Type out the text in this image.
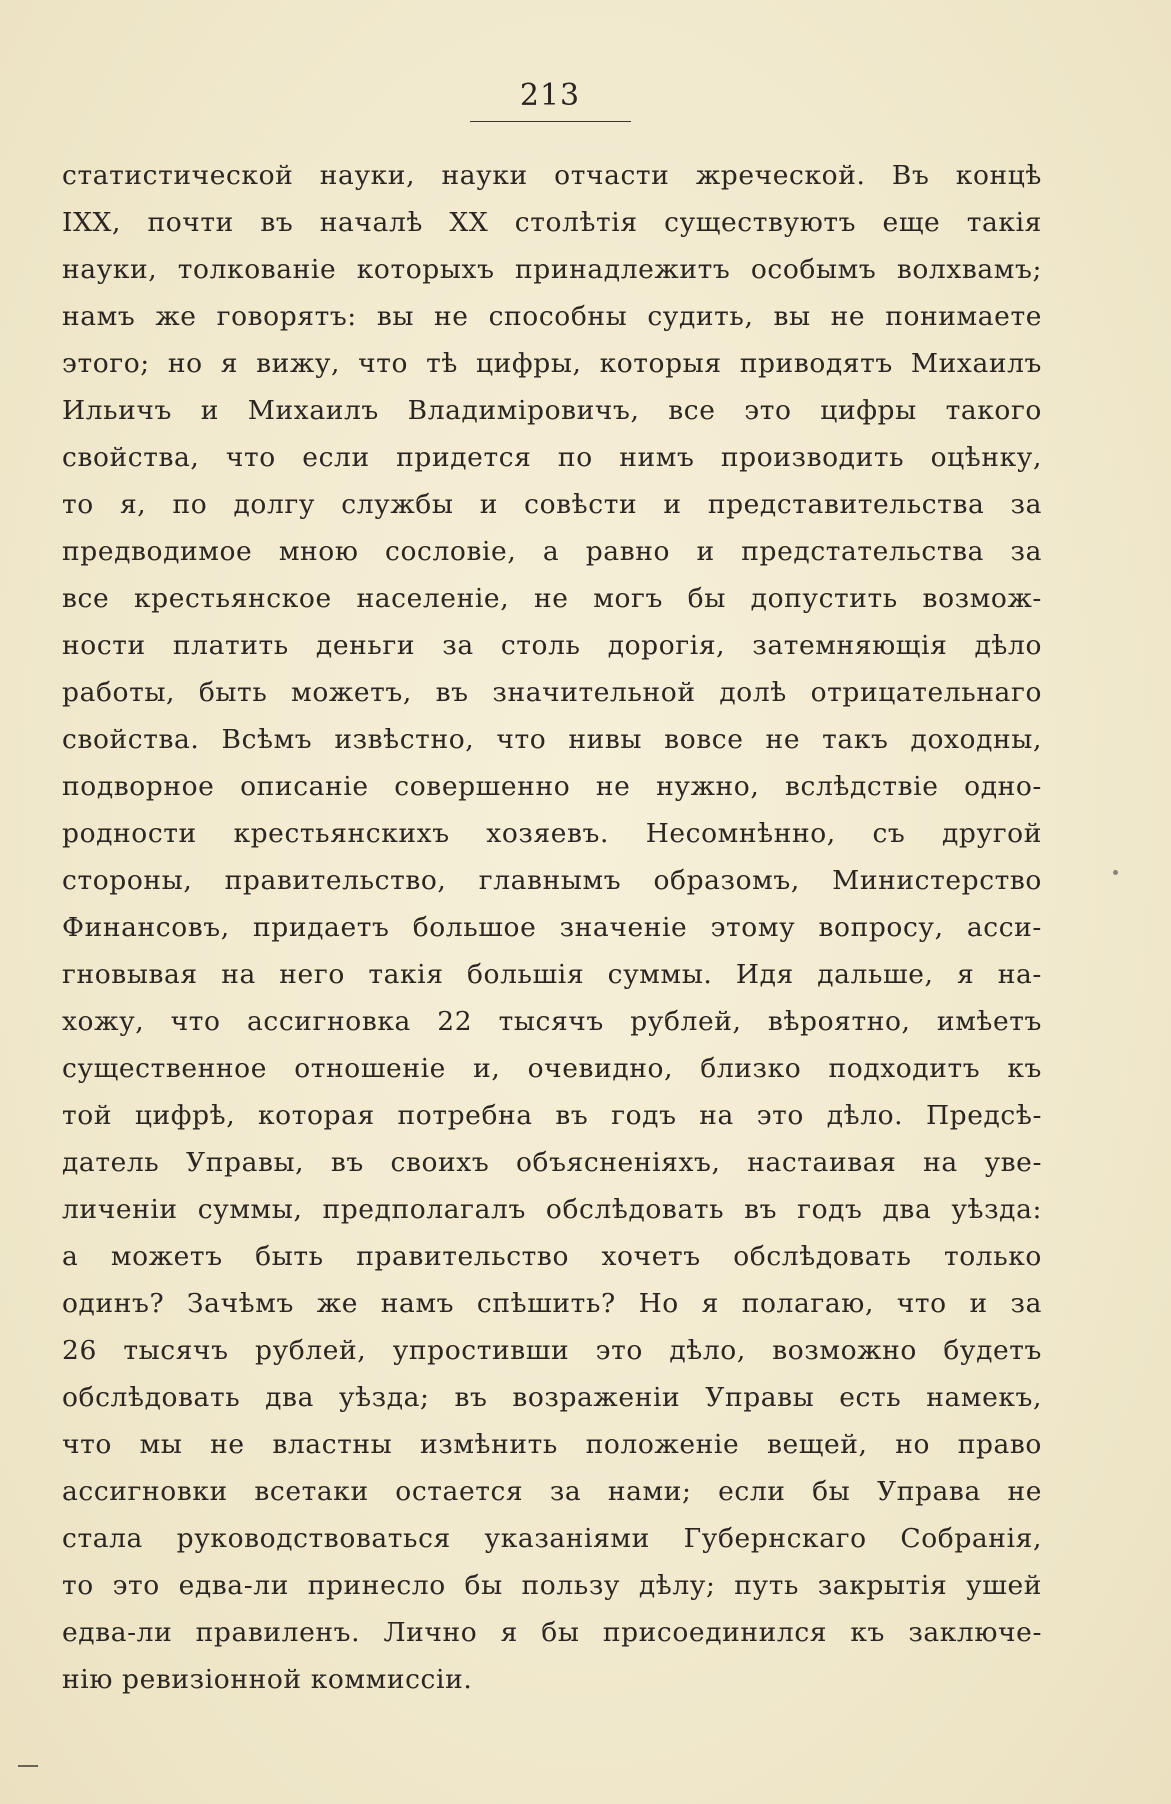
213
статистической науки, науки отчасти жреческой. Въ концѣ
IXX, почти въ началѣ XX столѣтія существуютъ еще такія
науки, толкованіе которыхъ принадлежитъ особымъ волхвамъ;
намъ же говорятъ: вы не способны судить, вы не понимаете
этого; но я вижу, что тѣ цифры, которыя приводятъ Михаилъ
Ильичъ и Михаилъ Владиміровичъ, все это цифры такого
свойства, что если придется по нимъ производить оцѣнку,
то я, по долгу службы и совѣсти и представительства за
предводимое мною сословіе, а равно и предстательства за
все крестьянское населеніе, не могъ бы допустить возмож-
ности платить деньги за столь дорогія, затемняющія дѣло
работы, быть можетъ, въ значительной долѣ отрицательнаго
свойства. Всѣмъ извѣстно, что нивы вовсе не такъ доходны,
подворное описаніе совершенно не нужно, вслѣдствіе одно-
родности крестьянскихъ хозяевъ. Несомнѣнно, съ другой
стороны, правительство, главнымъ образомъ, Министерство
Финансовъ, придаетъ большое значеніе этому вопросу, асси-
гновывая на него такія большія суммы. Идя дальше, я на-
хожу, что ассигновка 22 тысячъ рублей, вѣроятно, имѣетъ
существенное отношеніе и, очевидно, близко подходитъ къ
той цифрѣ, которая потребна въ годъ на это дѣло. Предсѣ-
датель Управы, въ своихъ объясненіяхъ, настаивая на уве-
личеніи суммы, предполагалъ обслѣдовать въ годъ два уѣзда:
а можетъ быть правительство хочетъ обслѣдовать только
одинъ? Зачѣмъ же намъ спѣшить? Но я полагаю, что и за
26 тысячъ рублей, упростивши это дѣло, возможно будетъ
обслѣдовать два уѣзда; въ возраженіи Управы есть намекъ,
что мы не властны измѣнить положеніе вещей, но право
ассигновки всетаки остается за нами; если бы Управа не
стала руководствоваться указаніями Губернскаго Собранія,
то это едва-ли принесло бы пользу дѣлу; путь закрытія ушей
едва-ли правиленъ. Лично я бы присоединился къ заключе-
нію ревизіонной коммиссіи.
